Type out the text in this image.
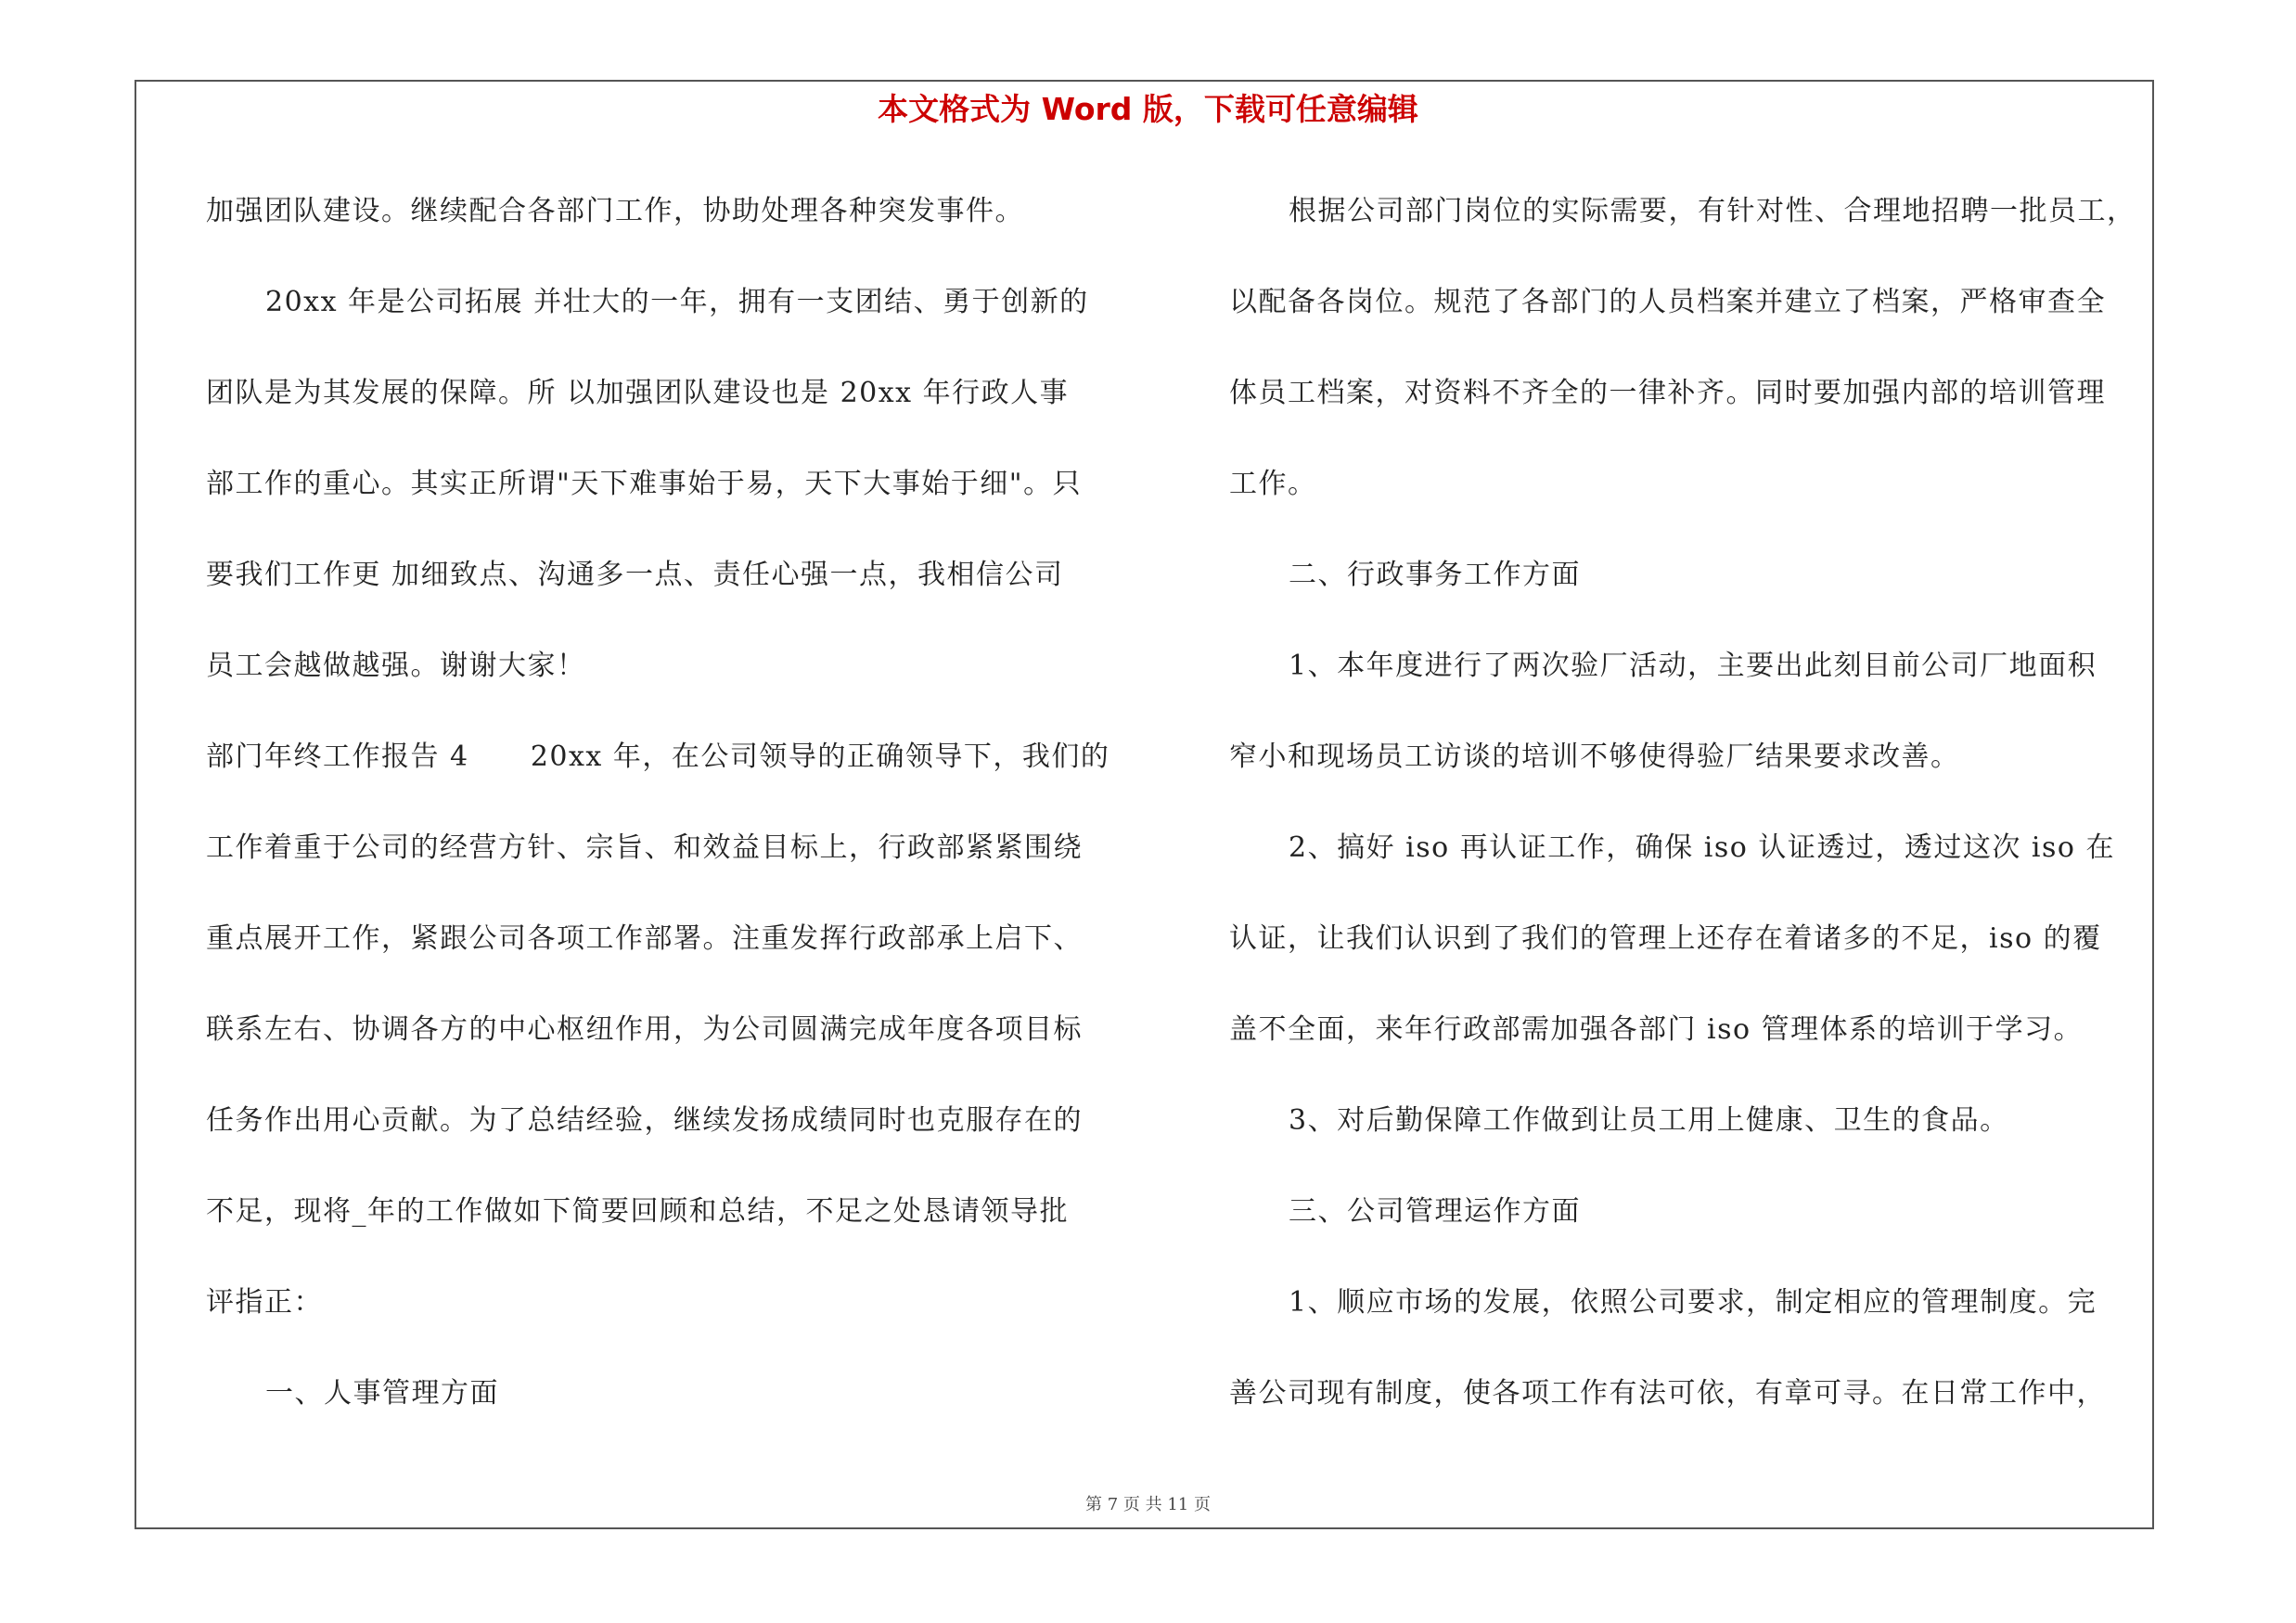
本文格式为 Word 版，下载可任意编辑
加强团队建设。继续配合各部门工作，协助处理各种突发事件。
20xx 年是公司拓展 并壮大的一年，拥有一支团结、勇于创新的
团队是为其发展的保障。所 以加强团队建设也是 20xx 年行政人事
部工作的重心。其实正所谓"天下难事始于易，天下大事始于细"。只
要我们工作更 加细致点、沟通多一点、责任心强一点，我相信公司
员工会越做越强。谢谢大家！
部门年终工作报告 4      20xx 年，在公司领导的正确领导下，我们的
工作着重于公司的经营方针、宗旨、和效益目标上，行政部紧紧围绕
重点展开工作，紧跟公司各项工作部署。注重发挥行政部承上启下、
联系左右、协调各方的中心枢纽作用，为公司圆满完成年度各项目标
任务作出用心贡献。为了总结经验，继续发扬成绩同时也克服存在的
不足，现将_年的工作做如下简要回顾和总结，不足之处恳请领导批
评指正：
一、人事管理方面
根据公司部门岗位的实际需要，有针对性、合理地招聘一批员工，
以配备各岗位。规范了各部门的人员档案并建立了档案，严格审查全
体员工档案，对资料不齐全的一律补齐。同时要加强内部的培训管理
工作。
二、行政事务工作方面
1、本年度进行了两次验厂活动，主要出此刻目前公司厂地面积
窄小和现场员工访谈的培训不够使得验厂结果要求改善。
2、搞好 iso 再认证工作，确保 iso 认证透过，透过这次 iso 在
认证，让我们认识到了我们的管理上还存在着诸多的不足，iso 的覆
盖不全面，来年行政部需加强各部门 iso 管理体系的培训于学习。
3、对后勤保障工作做到让员工用上健康、卫生的食品。
三、公司管理运作方面
1、顺应市场的发展，依照公司要求，制定相应的管理制度。完
善公司现有制度，使各项工作有法可依，有章可寻。在日常工作中，
第 7 页 共 11 页
